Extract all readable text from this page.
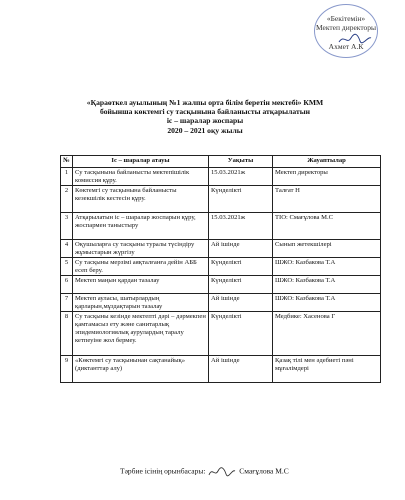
«Бекітемін»
Мектеп директоры
Ахмет А.К
«Қараөткел ауылының №1 жалпы орта білім беретін мектебі» КММ
бойынша көктемгі су тасқынына байланысты атқарылатын
іс – шаралар жоспары
2020 – 2021 оқу жылы
№	Іс – шаралар атауы	Уақыты	Жауаптылар
1	Су тасқынына байланысты мектепішілік комиссия құру.	15.03.2021ж	Мектеп директоры
2	Көктемгі су тасқынына байланысты кезекшілік кестесін құру.	Күнделікті	Талғат Н
3	Атқарылатын іс – шаралар жоспарын құру, жоспармен таныстыру	15.03.2021ж	ТІО: Смағұлова М.С
4	Оқушыларға су тасқыны туралы түсіндіру жұмыстарын жүргізу	Ай ішінде	Сынып жетекшілері
5	Су тасқыны мерзімі аяқталғанға дейін АББ есеп беру.	Күнделікті	ШЖО: Казбакова Т.А
6	Мектеп маңын қардан тазалау	Күнделікті	ШЖО: Казбакова Т.А
7	Мектеп ауласы, шатырлардың қарларын,мұздақтарын тазалау	Ай ішінде	ШЖО: Казбакова Т.А
8	Су тасқыны кезінде мектепті дәрі – дәрмекпен қамтамасыз ету және санитарлық эпидемиологиялық аурулардың таралу кетпеуіне жол бермеу.	Күнделікті	Медбике: Хасенова Г
9	«Көктемгі су тасқынынан сақтанайық» (диктанттар алу)	Ай ішінде	Қазақ тілі мен әдебиеті пәні мұғалімдері
Тәрбие ісінің орынбасары:	Смағұлова М.С
